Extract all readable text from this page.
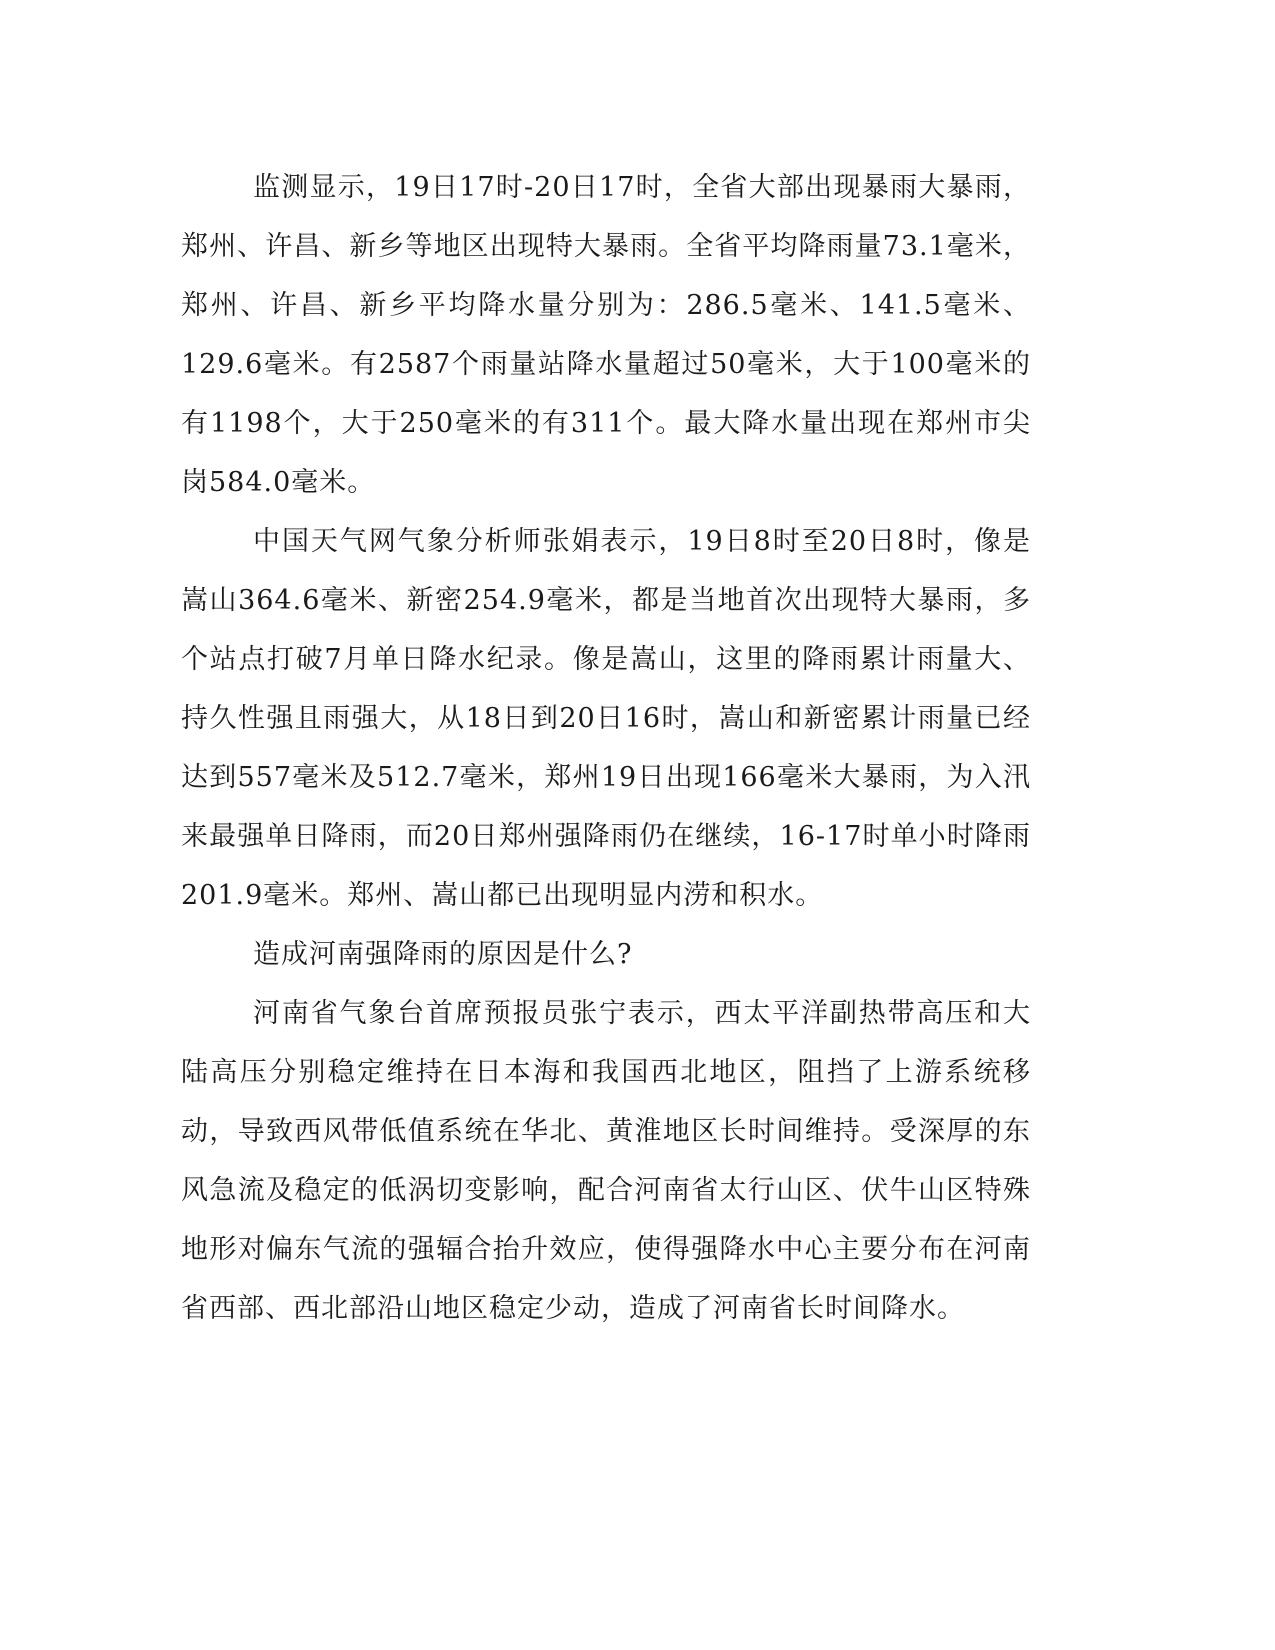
监测显示，19日17时-20日17时，全省大部出现暴雨大暴雨，郑州、许昌、新乡等地区出现特大暴雨。全省平均降雨量73.1毫米，郑州、许昌、新乡平均降水量分别为：286.5毫米、141.5毫米、129.6毫米。有2587个雨量站降水量超过50毫米，大于100毫米的有1198个，大于250毫米的有311个。最大降水量出现在郑州市尖岗584.0毫米。

中国天气网气象分析师张娟表示，19日8时至20日8时，像是嵩山364.6毫米、新密254.9毫米，都是当地首次出现特大暴雨，多个站点打破7月单日降水纪录。像是嵩山，这里的降雨累计雨量大、持久性强且雨强大，从18日到20日16时，嵩山和新密累计雨量已经达到557毫米及512.7毫米，郑州19日出现166毫米大暴雨，为入汛来最强单日降雨，而20日郑州强降雨仍在继续，16-17时单小时降雨201.9毫米。郑州、嵩山都已出现明显内涝和积水。

造成河南强降雨的原因是什么?

河南省气象台首席预报员张宁表示，西太平洋副热带高压和大陆高压分别稳定维持在日本海和我国西北地区，阻挡了上游系统移动，导致西风带低值系统在华北、黄淮地区长时间维持。受深厚的东风急流及稳定的低涡切变影响，配合河南省太行山区、伏牛山区特殊地形对偏东气流的强辐合抬升效应，使得强降水中心主要分布在河南省西部、西北部沿山地区稳定少动，造成了河南省长时间降水。
